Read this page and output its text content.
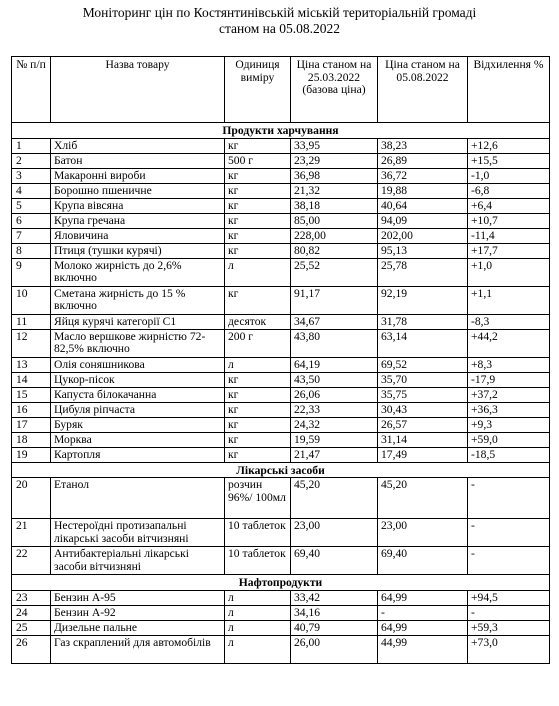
Моніторинг цін по Костянтинівській міській територіальній громаді
станом на 05.08.2022
№ п/п	Назва товару	Одиниця виміру	Ціна станом на 25.03.2022 (базова ціна)	Ціна станом на 05.08.2022	Відхилення %
Продукти харчування					
1	Хліб	кг	33,95	38,23	+12,6
2	Батон	500 г	23,29	26,89	+15,5
3	Макаронні вироби	кг	36,98	36,72	-1,0
4	Борошно пшеничне	кг	21,32	19,88	-6,8
5	Крупа вівсяна	кг	38,18	40,64	+6,4
6	Крупа гречана	кг	85,00	94,09	+10,7
7	Яловичина	кг	228,00	202,00	-11,4
8	Птиця (тушки курячі)	кг	80,82	95,13	+17,7
9	Молоко жирність до 2,6% включно	л	25,52	25,78	+1,0
10	Сметана жирність до 15 % включно	кг	91,17	92,19	+1,1
11	Яйця курячі категорії С1	десяток	34,67	31,78	-8,3
12	Масло вершкове жирністю 72-82,5% включно	200 г	43,80	63,14	+44,2
13	Олія соняшникова	л	64,19	69,52	+8,3
14	Цукор-пісок	кг	43,50	35,70	-17,9
15	Капуста білокачанна	кг	26,06	35,75	+37,2
16	Цибуля ріпчаста	кг	22,33	30,43	+36,3
17	Буряк	кг	24,32	26,57	+9,3
18	Морква	кг	19,59	31,14	+59,0
19	Картопля	кг	21,47	17,49	-18,5
Лікарські засоби					
20	Етанол	розчин 96%/ 100мл	45,20	45,20	-
21	Нестероїдні протизапальні лікарські засоби вітчизняні	10 таблеток	23,00	23,00	-
22	Антибактеріальні лікарські засоби вітчизняні	10 таблеток	69,40	69,40	-
Нафтопродукти					
23	Бензин А-95	л	33,42	64,99	+94,5
24	Бензин А-92	л	34,16	-	-
25	Дизельне пальне	л	40,79	64,99	+59,3
26	Газ скраплений для автомобілів	л	26,00	44,99	+73,0
